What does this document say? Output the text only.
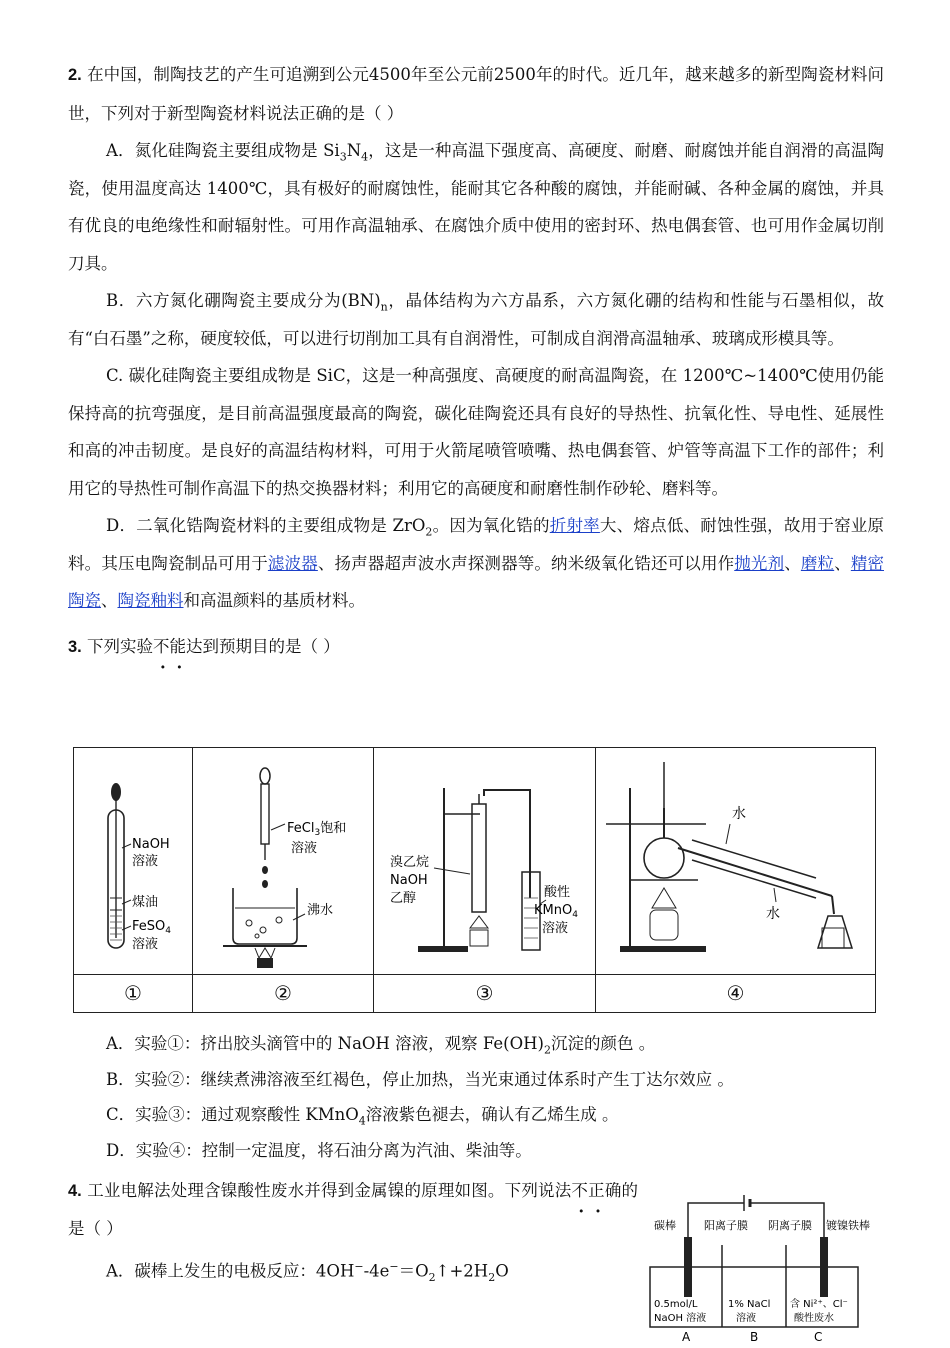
2. 在中国，制陶技艺的产生可追溯到公元4500年至公元前2500年的时代。近几年，越来越多的新型陶瓷材料问世，下列对于新型陶瓷材料说法正确的是（ ）

A．氮化硅陶瓷主要组成物是 $Si_3N_4$，这是一种高温下强度高、高硬度、耐磨、耐腐蚀并能自润滑的高温陶瓷，使用温度高达 1400℃，具有极好的耐腐蚀性，能耐其它各种酸的腐蚀，并能耐碱、各种金属的腐蚀，并具有优良的电绝缘性和耐辐射性。可用作高温轴承、在腐蚀介质中使用的密封环、热电偶套管、也可用作金属切削刀具。

B．六方氮化硼陶瓷主要成分为$(BN)_n$，晶体结构为六方晶系，六方氮化硼的结构和性能与石墨相似，故有“白石墨”之称，硬度较低，可以进行切削加工具有自润滑性，可制成自润滑高温轴承、玻璃成形模具等。

C. 碳化硅陶瓷主要组成物是 SiC，这是一种高强度、高硬度的耐高温陶瓷，在 1200℃~1400℃使用仍能保持高的抗弯强度，是目前高温强度最高的陶瓷，碳化硅陶瓷还具有良好的导热性、抗氧化性、导电性、延展性和高的冲击韧度。是良好的高温结构材料，可用于火箭尾喷管喷嘴、热电偶套管、炉管等高温下工作的部件；利用它的导热性可制作高温下的热交换器材料；利用它的高硬度和耐磨性制作砂轮、磨料等。

D．二氧化锆陶瓷材料的主要组成物是 ZrO$_2$。因为氧化锆的折射率大、熔点低、耐蚀性强，故用于窑业原料。其压电陶瓷制品可用于滤波器、扬声器超声波水声探测器等。纳米级氧化锆还可以用作抛光剂、磨粒、精密陶瓷、陶瓷釉料和高温颜料的基质材料。

3. 下列实验不能达到预期目的是（ ）

NaOH
溶液
煤油
FeSO$_4$
溶液
FeCl$_3$饱和
溶液
沸水
溴乙烷
NaOH
乙醇	酸性
KMnO$_4$
溶液
水
水
①	②	③	④

A．实验①：挤出胶头滴管中的 NaOH 溶液，观察 $Fe(OH)_2$沉淀的颜色 。

B．实验②：继续煮沸溶液至红褐色，停止加热，当光束通过体系时产生丁达尔效应 。

C．实验③：通过观察酸性 KMnO$_4$溶液紫色褪去，确认有乙烯生成 。

D．实验④：控制一定温度，将石油分离为汽油、柴油等。

4. 工业电解法处理含镍酸性废水并得到金属镍的原理如图。下列说法不正确的是（ ）

A．碳棒上发生的电极反应：$4OH^--4e^-=O_2↑+2H_2O$

碳棒	阳离子膜 阴离子膜 镀镍铁棒
0.5mol/L
NaOH 溶液
1% NaCl
溶液
含 Ni²⁺、Cl⁻
酸性废水
A	B	C
